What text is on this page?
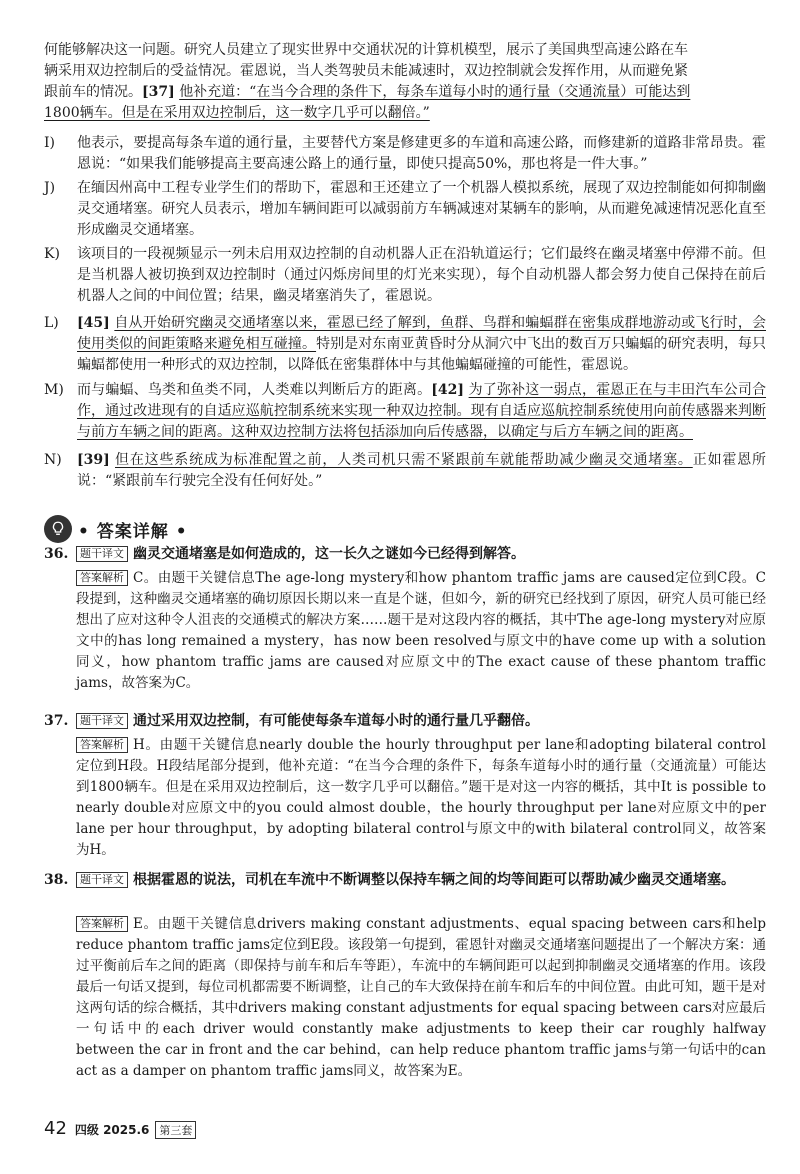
何能够解决这一问题。研究人员建立了现实世界中交通状况的计算机模型，展示了美国典型高速公路在车
辆采用双边控制后的受益情况。霍恩说，当人类驾驶员未能减速时，双边控制就会发挥作用，从而避免紧
跟前车的情况。[37] 他补充道：“在当今合理的条件下，每条车道每小时的通行量（交通流量）可能达到
1800辆车。但是在采用双边控制后，这一数字几乎可以翻倍。”
I)	他表示，要提高每条车道的通行量，主要替代方案是修建更多的车道和高速公路，而修建新的道路非常昂贵。霍恩说：“如果我们能够提高主要高速公路上的通行量，即使只提高50%，那也将是一件大事。”
J)	在缅因州高中工程专业学生们的帮助下，霍恩和王还建立了一个机器人模拟系统，展现了双边控制能如何抑制幽灵交通堵塞。研究人员表示，增加车辆间距可以减弱前方车辆减速对某辆车的影响，从而避免减速情况恶化直至形成幽灵交通堵塞。
K)	该项目的一段视频显示一列未启用双边控制的自动机器人正在沿轨道运行；它们最终在幽灵堵塞中停滞不前。但是当机器人被切换到双边控制时（通过闪烁房间里的灯光来实现），每个自动机器人都会努力使自己保持在前后机器人之间的中间位置；结果，幽灵堵塞消失了，霍恩说。
L)	[45] 自从开始研究幽灵交通堵塞以来，霍恩已经了解到，鱼群、鸟群和蝙蝠群在密集成群地游动或飞行时，会使用类似的间距策略来避免相互碰撞。特别是对东南亚黄昏时分从洞穴中飞出的数百万只蝙蝠的研究表明，每只蝙蝠都使用一种形式的双边控制，以降低在密集群体中与其他蝙蝠碰撞的可能性，霍恩说。
M) 而与蝙蝠、鸟类和鱼类不同，人类难以判断后方的距离。[42] 为了弥补这一弱点，霍恩正在与丰田汽车公司合作，通过改进现有的自适应巡航控制系统来实现一种双边控制。现有自适应巡航控制系统使用向前传感器来判断与前方车辆之间的距离。这种双边控制方法将包括添加向后传感器，以确定与后方车辆之间的距离。
N)	[39] 但在这些系统成为标准配置之前，人类司机只需不紧跟前车就能帮助减少幽灵交通堵塞。正如霍恩所说：“紧跟前车行驶完全没有任何好处。”
• 答案详解 •
36. 题干译文 幽灵交通堵塞是如何造成的，这一长久之谜如今已经得到解答。
答案解析 C。由题干关键信息The age-long mystery和how phantom traffic jams are caused定位到C段。C段提到，这种幽灵交通堵塞的确切原因长期以来一直是个谜，但如今，新的研究已经找到了原因，研究人员可能已经想出了应对这种令人沮丧的交通模式的解决方案……题干是对这段内容的概括，其中The age-long mystery对应原文中的has long remained a mystery，has now been resolved与原文中的have come up with a solution同义，how phantom traffic jams are caused对应原文中的The exact cause of these phantom traffic jams，故答案为C。
37. 题干译文 通过采用双边控制，有可能使每条车道每小时的通行量几乎翻倍。
答案解析 H。由题干关键信息nearly double the hourly throughput per lane和adopting bilateral control定位到H段。H段结尾部分提到，他补充道：“在当今合理的条件下，每条车道每小时的通行量（交通流量）可能达到1800辆车。但是在采用双边控制后，这一数字几乎可以翻倍。”题干是对这一内容的概括，其中It is possible to nearly double对应原文中的you could almost double，the hourly throughput per lane对应原文中的per lane per hour throughput，by adopting bilateral control与原文中的with bilateral control同义，故答案为H。
38. 题干译文 根据霍恩的说法，司机在车流中不断调整以保持车辆之间的均等间距可以帮助减少幽灵交通堵塞。
答案解析 E。由题干关键信息drivers making constant adjustments、equal spacing between cars和help reduce phantom traffic jams定位到E段。该段第一句提到，霍恩针对幽灵交通堵塞问题提出了一个解决方案：通过平衡前后车之间的距离（即保持与前车和后车等距），车流中的车辆间距可以起到抑制幽灵交通堵塞的作用。该段最后一句话又提到，每位司机都需要不断调整，让自己的车大致保持在前车和后车的中间位置。由此可知，题干是对这两句话的综合概括，其中drivers making constant adjustments for equal spacing between cars对应最后一句话中的each driver would constantly make adjustments to keep their car roughly halfway between the car in front and the car behind，can help reduce phantom traffic jams与第一句话中的can act as a damper on phantom traffic jams同义，故答案为E。
42 四级 2025.6 第三套
